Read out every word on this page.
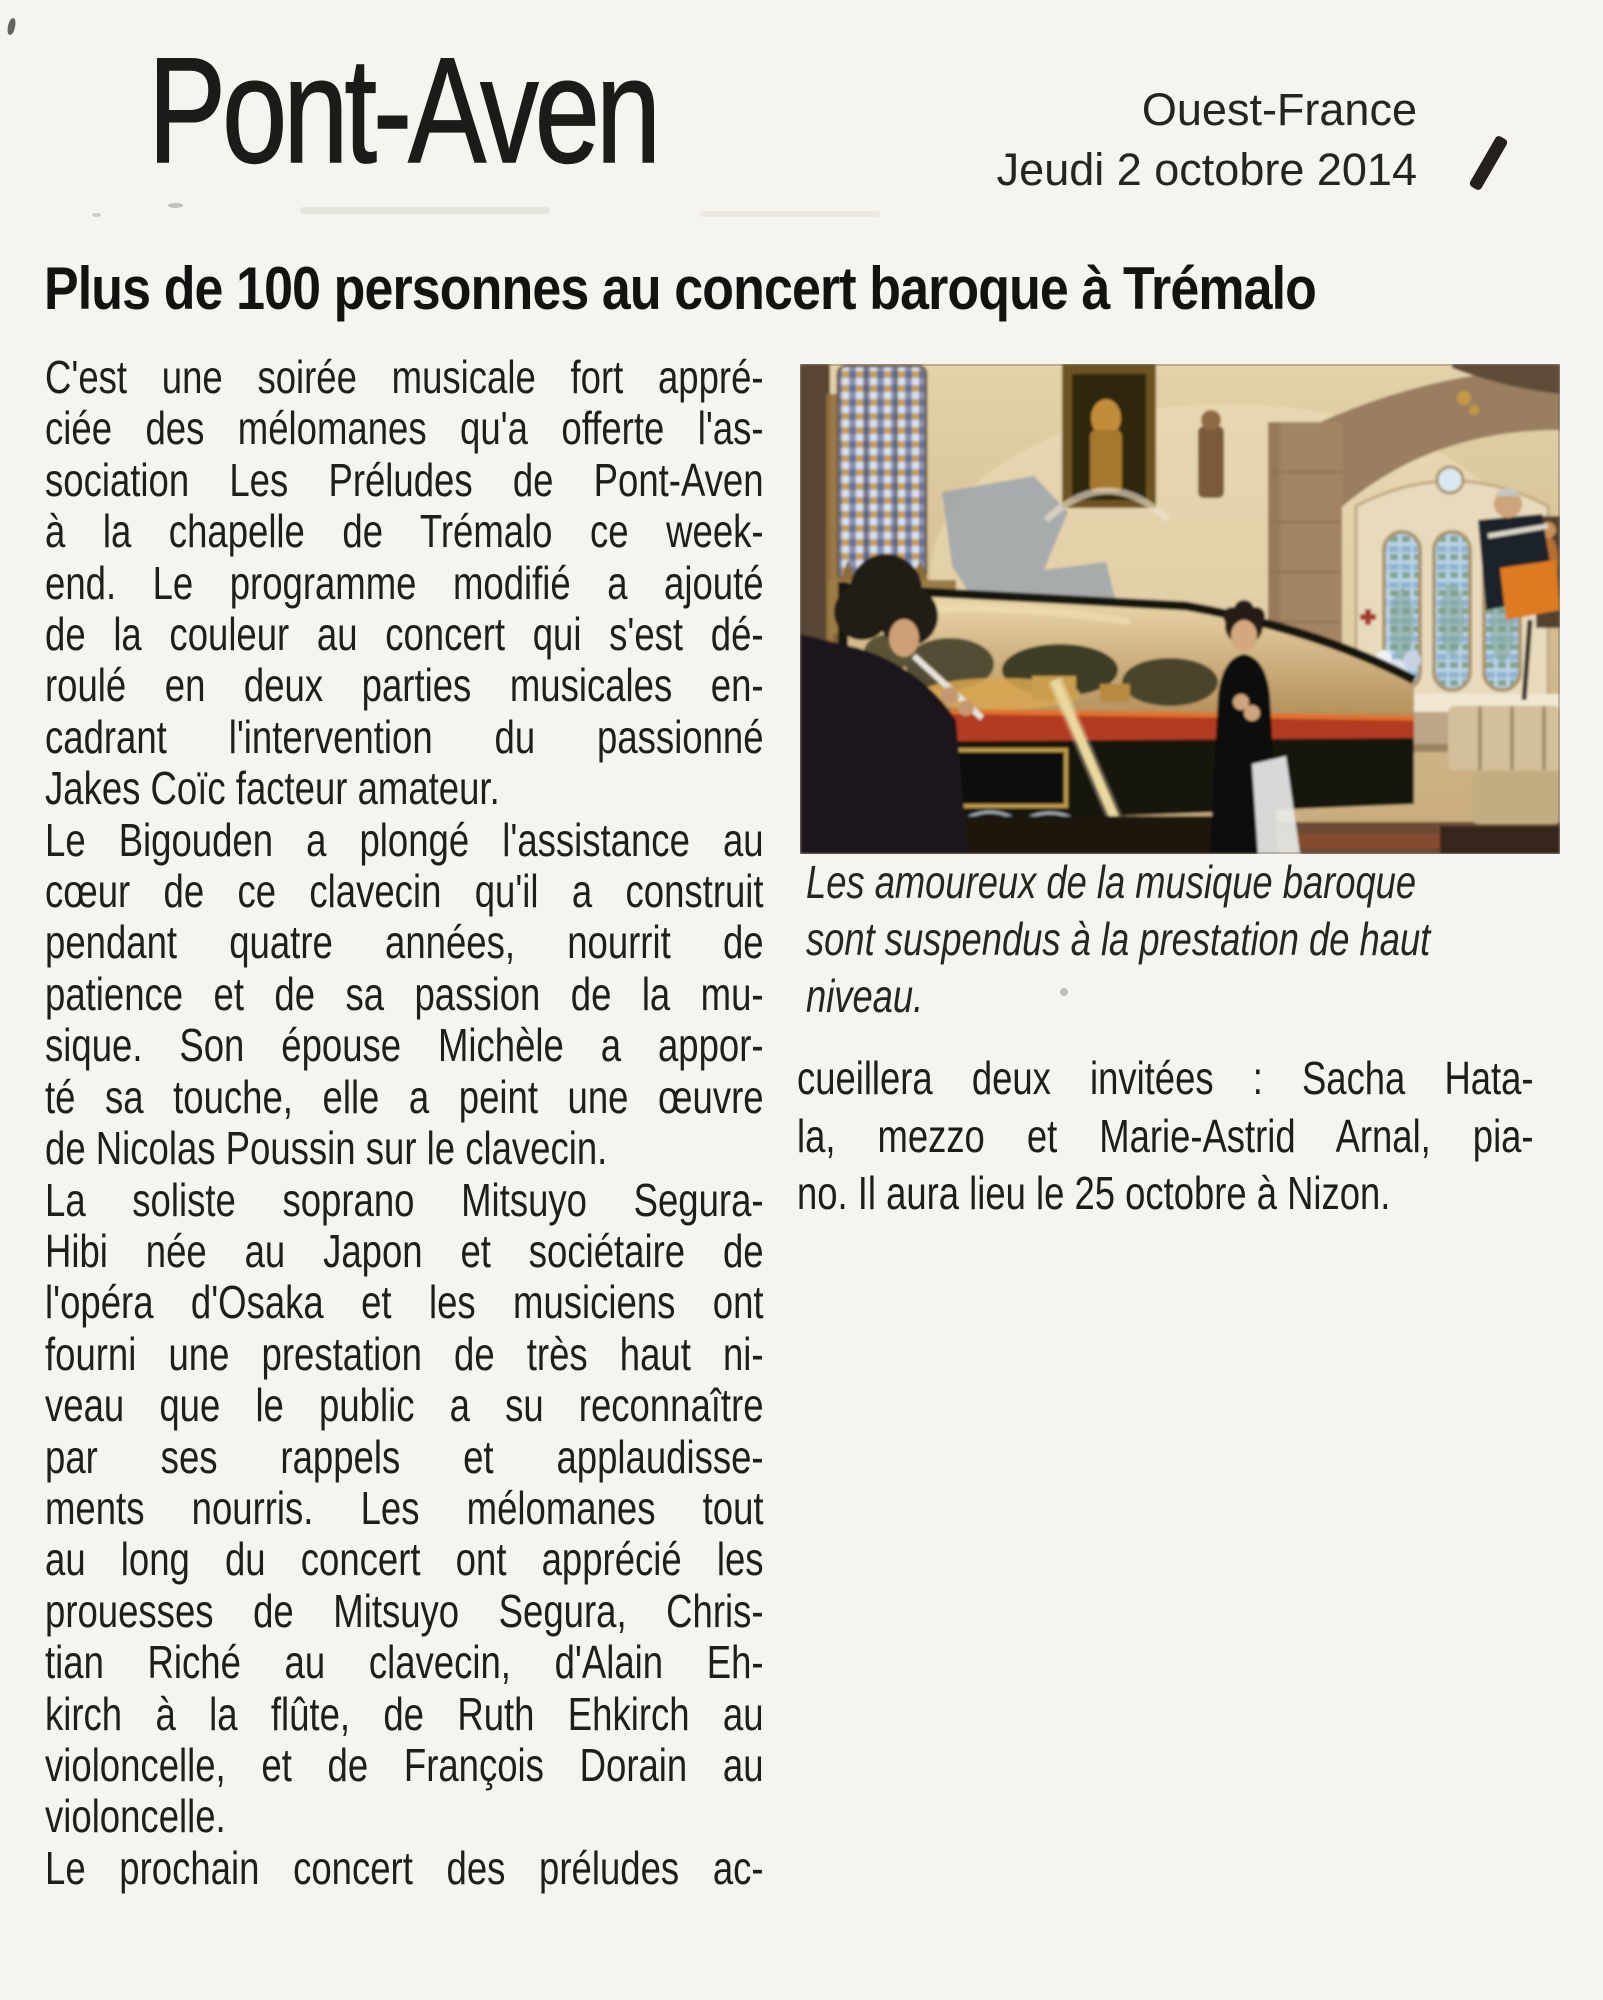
Pont-Aven	Ouest-France
Jeudi 2 octobre 2014
Plus de 100 personnes au concert baroque à Trémalo
C'est une soirée musicale fort appré-
ciée des mélomanes qu'a offerte l'as-
sociation Les Préludes de Pont-Aven
à la chapelle de Trémalo ce week-
end. Le programme modifié a ajouté
de la couleur au concert qui s'est dé-
roulé en deux parties musicales en-
cadrant l'intervention du passionné
Jakes Coïc facteur amateur.
Le Bigouden a plongé l'assistance au
cœur de ce clavecin qu'il a construit
pendant quatre années, nourrit de
patience et de sa passion de la mu-
sique. Son épouse Michèle a appor-
té sa touche, elle a peint une œuvre
de Nicolas Poussin sur le clavecin.
La soliste soprano Mitsuyo Segura-
Hibi née au Japon et sociétaire de
l'opéra d'Osaka et les musiciens ont
fourni une prestation de très haut ni-
veau que le public a su reconnaître
par ses rappels et applaudisse-
ments nourris. Les mélomanes tout
au long du concert ont apprécié les
prouesses de Mitsuyo Segura, Chris-
tian Riché au clavecin, d'Alain Eh-
kirch à la flûte, de Ruth Ehkirch au
violoncelle, et de François Dorain au
violoncelle.
Le prochain concert des préludes ac-
Les amoureux de la musique baroque
sont suspendus à la prestation de haut
niveau.
cueillera deux invitées : Sacha Hata-
la, mezzo et Marie-Astrid Arnal, pia-
no. Il aura lieu le 25 octobre à Nizon.
